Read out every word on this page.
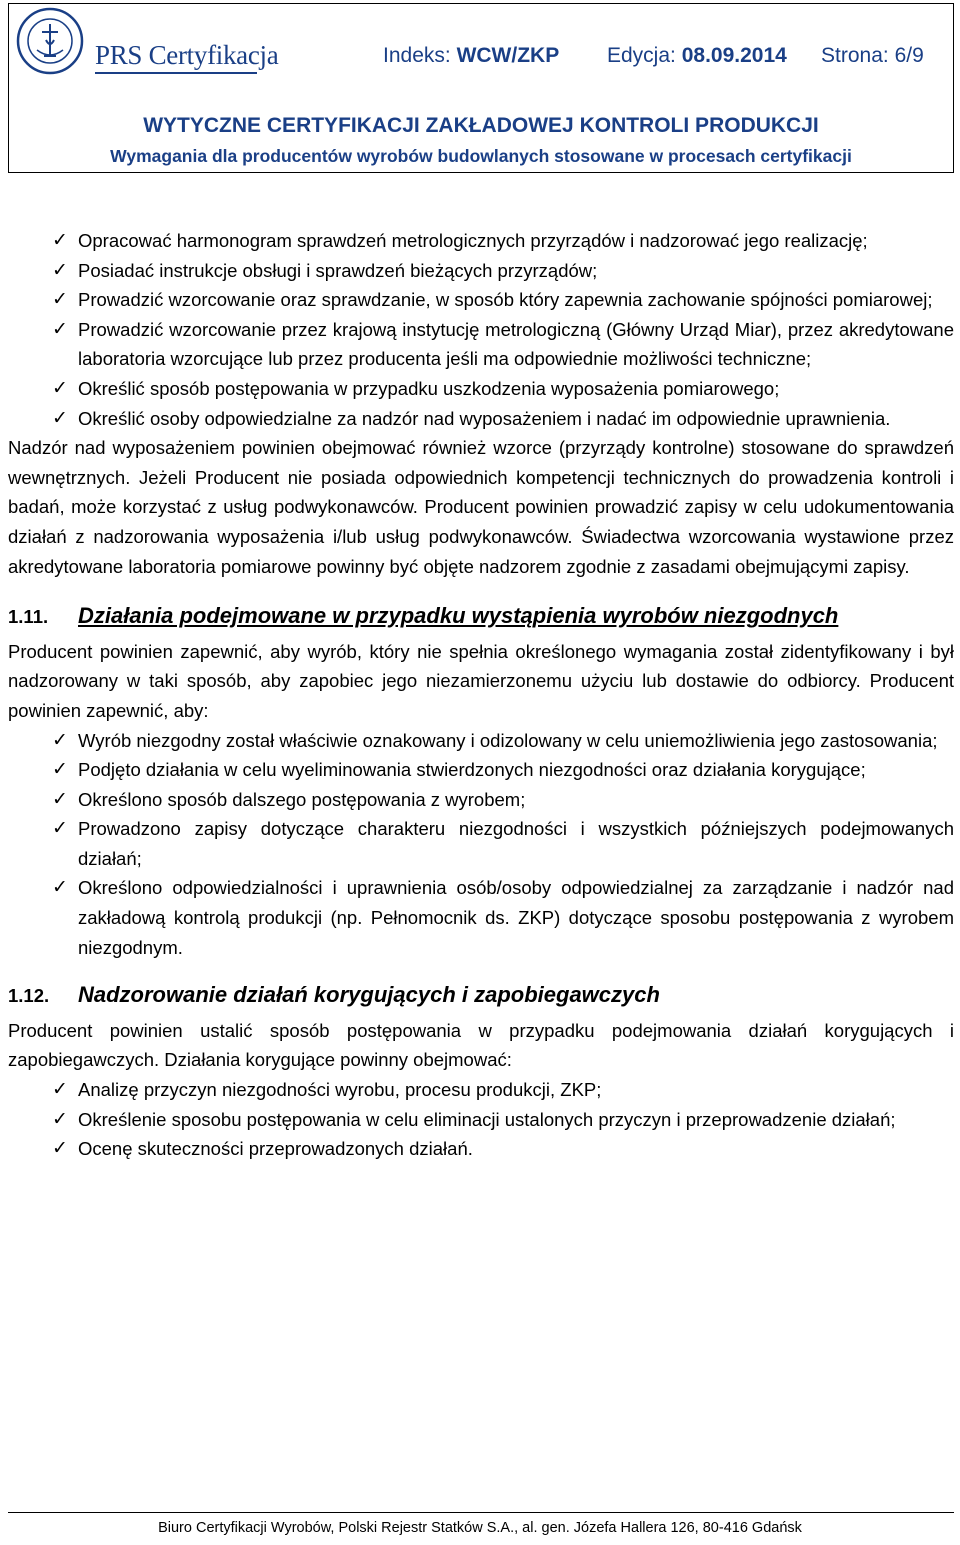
PRS Certyfikacja	Indeks: WCW/ZKP Edycja: 08.09.2014 Strona: 6/9
WYTYCZNE CERTYFIKACJI ZAKŁADOWEJ KONTROLI PRODUKCJI
Wymagania dla producentów wyrobów budowlanych stosowane w procesach certyfikacji
✓ Opracować harmonogram sprawdzeń metrologicznych przyrządów i nadzorować jego realizację;
✓ Posiadać instrukcje obsługi i sprawdzeń bieżących przyrządów;
✓ Prowadzić wzorcowanie oraz sprawdzanie, w sposób który zapewnia zachowanie spójności pomiarowej;
✓ Prowadzić wzorcowanie przez krajową instytucję metrologiczną (Główny Urząd Miar), przez akredytowane laboratoria wzorcujące lub przez producenta jeśli ma odpowiednie możliwości techniczne;
✓ Określić sposób postępowania w przypadku uszkodzenia wyposażenia pomiarowego;
✓ Określić osoby odpowiedzialne za nadzór nad wyposażeniem i nadać im odpowiednie uprawnienia.

Nadzór nad wyposażeniem powinien obejmować również wzorce (przyrządy kontrolne) stosowane do sprawdzeń wewnętrznych. Jeżeli Producent nie posiada odpowiednich kompetencji technicznych do prowadzenia kontroli i badań, może korzystać z usług podwykonawców. Producent powinien prowadzić zapisy w celu udokumentowania działań z nadzorowania wyposażenia i/lub usług podwykonawców. Świadectwa wzorcowania wystawione przez akredytowane laboratoria pomiarowe powinny być objęte nadzorem zgodnie z zasadami obejmującymi zapisy.

1.11.	Działania podejmowane w przypadku wystąpienia wyrobów niezgodnych

Producent powinien zapewnić, aby wyrób, który nie spełnia określonego wymagania został zidentyfikowany i był nadzorowany w taki sposób, aby zapobiec jego niezamierzonemu użyciu lub dostawie do odbiorcy. Producent powinien zapewnić, aby:

✓ Wyrób niezgodny został właściwie oznakowany i odizolowany w celu uniemożliwienia jego zastosowania;
✓ Podjęto działania w celu wyeliminowania stwierdzonych niezgodności oraz działania korygujące;
✓ Określono sposób dalszego postępowania z wyrobem;
✓ Prowadzono zapisy dotyczące charakteru niezgodności i wszystkich późniejszych podejmowanych działań;
✓ Określono odpowiedzialności i uprawnienia osób/osoby odpowiedzialnej za zarządzanie i nadzór nad zakładową kontrolą produkcji (np. Pełnomocnik ds. ZKP) dotyczące sposobu postępowania z wyrobem niezgodnym.
1.12.	Nadzorowanie działań korygujących i zapobiegawczych

Producent powinien ustalić sposób postępowania w przypadku podejmowania działań korygujących i zapobiegawczych. Działania korygujące powinny obejmować:

✓ Analizę przyczyn niezgodności wyrobu, procesu produkcji, ZKP;
✓ Określenie sposobu postępowania w celu eliminacji ustalonych przyczyn i przeprowadzenie działań;
✓ Ocenę skuteczności przeprowadzonych działań.
Biuro Certyfikacji Wyrobów, Polski Rejestr Statków S.A., al. gen. Józefa Hallera 126, 80-416 Gdańsk
